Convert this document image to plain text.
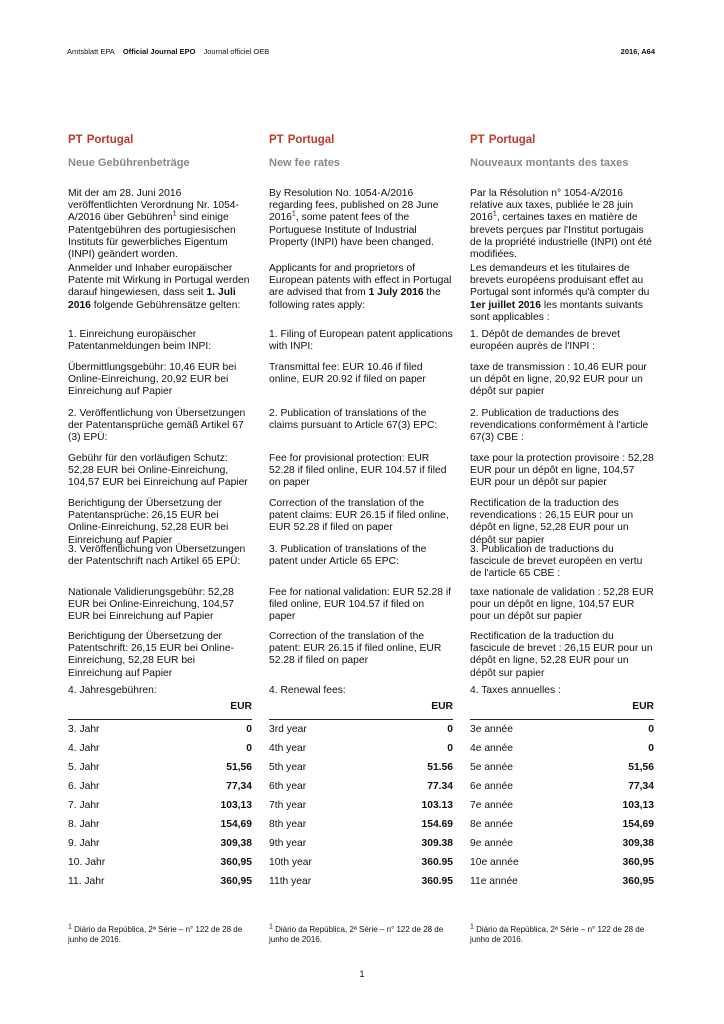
Amtsblatt EPA Official Journal EPO Journal officiel OEB	2016, A64
PT Portugal
Neue Gebührenbeträge
Mit der am 28. Juni 2016 veröffentlichten Verordnung Nr. 1054-A/2016 über Gebühren$^1$ sind einige Patentgebühren des portugiesischen Instituts für gewerbliches Eigentum (INPI) geändert worden.
Anmelder und Inhaber europäischer Patente mit Wirkung in Portugal werden darauf hingewiesen, dass seit 1. Juli 2016 folgende Gebührensätze gelten:
1. Einreichung europäischer Patentanmeldungen beim INPI:
Übermittlungsgebühr: 10,46 EUR bei Online-Einreichung, 20,92 EUR bei Einreichung auf Papier
2. Veröffentlichung von Übersetzungen der Patentansprüche gemäß Artikel 67 (3) EPÜ:
Gebühr für den vorläufigen Schutz: 52,28 EUR bei Online-Einreichung, 104,57 EUR bei Einreichung auf Papier
Berichtigung der Übersetzung der Patentansprüche: 26,15 EUR bei Online-Einreichung, 52,28 EUR bei Einreichung auf Papier
3. Veröffentlichung von Übersetzungen der Patentschrift nach Artikel 65 EPÜ:
Nationale Validierungsgebühr: 52,28 EUR bei Online-Einreichung, 104,57 EUR bei Einreichung auf Papier
Berichtigung der Übersetzung der Patentschrift: 26,15 EUR bei Online-Einreichung, 52,28 EUR bei Einreichung auf Papier
4. Jahresgebühren:
EUR
3. Jahr	0
4. Jahr	0
5. Jahr	51,56
6. Jahr	77,34
7. Jahr	103,13
8. Jahr	154,69
9. Jahr	309,38
10. Jahr	360,95
11. Jahr	360,95
$^1$ Diário da República, 2ª Série – n° 122 de 28 de junho de 2016.
PT Portugal
New fee rates
By Resolution No. 1054-A/2016 regarding fees, published on 28 June 2016$^1$, some patent fees of the Portuguese Institute of Industrial Property (INPI) have been changed.
Applicants for and proprietors of European patents with effect in Portugal are advised that from 1 July 2016 the following rates apply:
1. Filing of European patent applications with INPI:
Transmittal fee: EUR 10.46 if filed online, EUR 20.92 if filed on paper
2. Publication of translations of the claims pursuant to Article 67(3) EPC:
Fee for provisional protection: EUR 52.28 if filed online, EUR 104.57 if filed on paper
Correction of the translation of the patent claims: EUR 26.15 if filed online, EUR 52.28 if filed on paper
3. Publication of translations of the patent under Article 65 EPC:
Fee for national validation: EUR 52.28 if filed online, EUR 104.57 if filed on paper
Correction of the translation of the patent: EUR 26.15 if filed online, EUR 52.28 if filed on paper
4. Renewal fees:
EUR
3rd year	0
4th year	0
5th year	51.56
6th year	77.34
7th year	103.13
8th year	154.69
9th year	309.38
10th year	360.95
11th year	360.95
$^1$ Diário da República, 2ª Série – n° 122 de 28 de junho de 2016.
PT Portugal
Nouveaux montants des taxes
Par la Résolution n° 1054-A/2016 relative aux taxes, publiée le 28 juin 2016$^1$, certaines taxes en matière de brevets perçues par l'Institut portugais de la propriété industrielle (INPI) ont été modifiées.
Les demandeurs et les titulaires de brevets européens produisant effet au Portugal sont informés qu'à compter du 1er juillet 2016 les montants suivants sont applicables :
1. Dépôt de demandes de brevet européen auprès de l'INPI :
taxe de transmission : 10,46 EUR pour un dépôt en ligne, 20,92 EUR pour un dépôt sur papier
2. Publication de traductions des revendications conformément à l'article 67(3) CBE :
taxe pour la protection provisoire : 52,28 EUR pour un dépôt en ligne, 104,57 EUR pour un dépôt sur papier
Rectification de la traduction des revendications : 26,15 EUR pour un dépôt en ligne, 52,28 EUR pour un dépôt sur papier
3. Publication de traductions du fascicule de brevet européen en vertu de l'article 65 CBE :
taxe nationale de validation : 52,28 EUR pour un dépôt en ligne, 104,57 EUR pour un dépôt sur papier
Rectification de la traduction du fascicule de brevet : 26,15 EUR pour un dépôt en ligne, 52,28 EUR pour un dépôt sur papier
4. Taxes annuelles :
EUR
3e année	0
4e année	0
5e année	51,56
6e année	77,34
7e année	103,13
8e année	154,69
9e année	309,38
10e année	360,95
11e année	360,95
$^1$ Diário da República, 2ª Série – n° 122 de 28 de junho de 2016.
1
